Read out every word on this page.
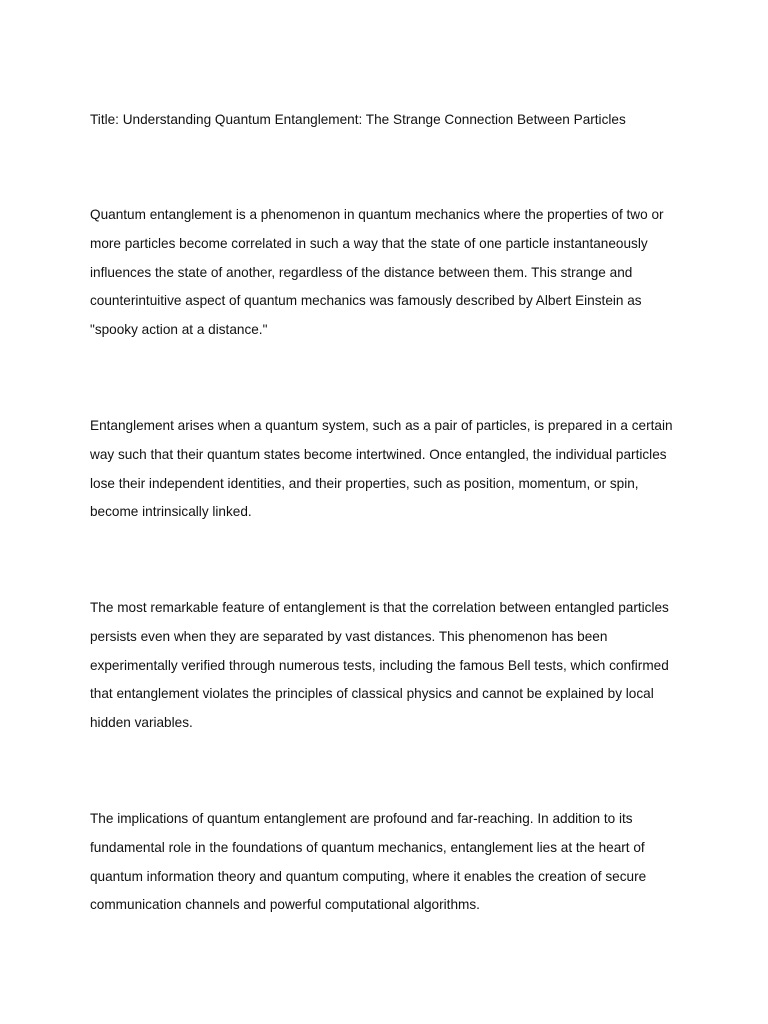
Title: Understanding Quantum Entanglement: The Strange Connection Between Particles

Quantum entanglement is a phenomenon in quantum mechanics where the properties of two or more particles become correlated in such a way that the state of one particle instantaneously influences the state of another, regardless of the distance between them. This strange and counterintuitive aspect of quantum mechanics was famously described by Albert Einstein as "spooky action at a distance."

Entanglement arises when a quantum system, such as a pair of particles, is prepared in a certain way such that their quantum states become intertwined. Once entangled, the individual particles lose their independent identities, and their properties, such as position, momentum, or spin, become intrinsically linked.

The most remarkable feature of entanglement is that the correlation between entangled particles persists even when they are separated by vast distances. This phenomenon has been experimentally verified through numerous tests, including the famous Bell tests, which confirmed that entanglement violates the principles of classical physics and cannot be explained by local hidden variables.

The implications of quantum entanglement are profound and far-reaching. In addition to its fundamental role in the foundations of quantum mechanics, entanglement lies at the heart of quantum information theory and quantum computing, where it enables the creation of secure communication channels and powerful computational algorithms.
